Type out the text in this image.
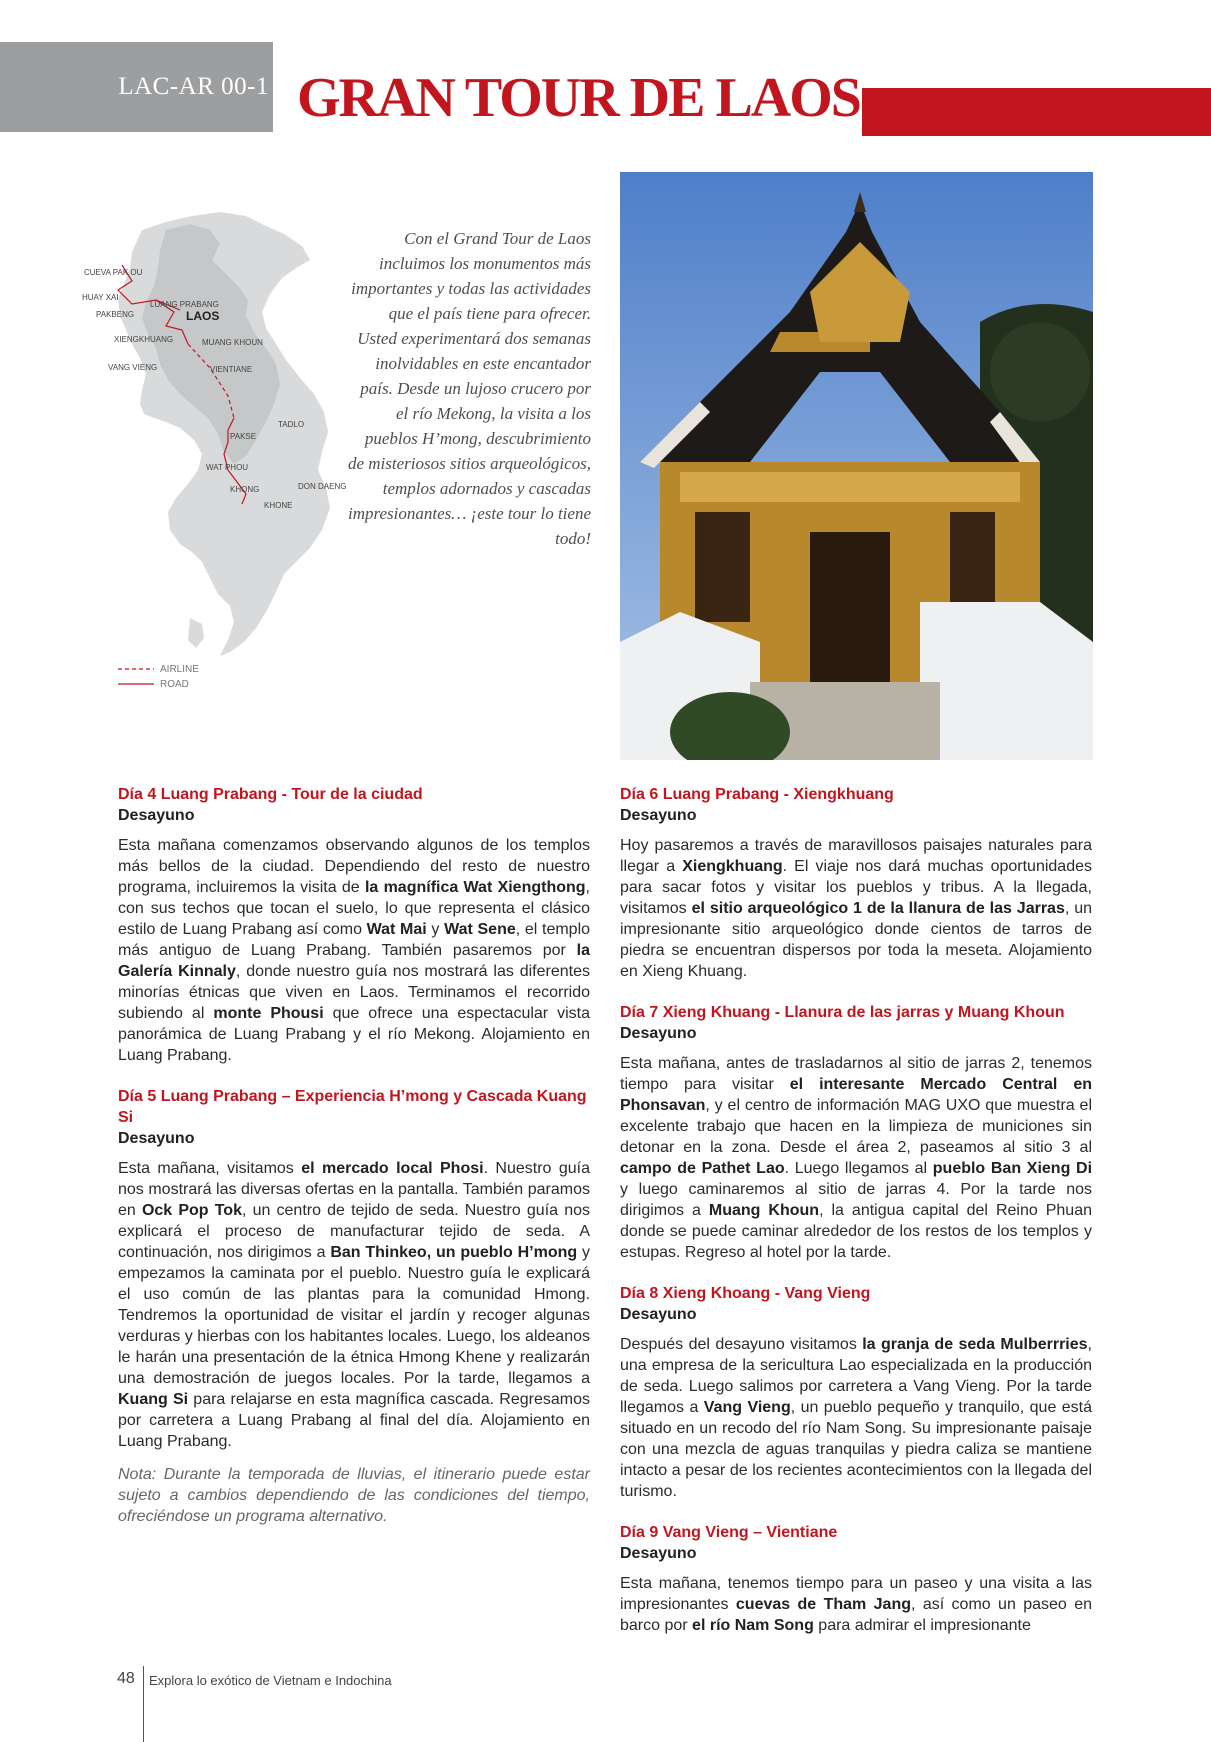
LAC-AR 00-1 GRAN TOUR DE LAOS
CUEVA PAK OU
HUAY XAI
PAKBENG
LUANG PRABANG
LAOS
XIENGKHUANG	MUANG KHOUN
VANG VIENG	VIENTIANE
TADLO
PAKSE
WAT PHOU
DON DAENG
KHONG
KHONE
AIRLINE
ROAD

Con el Grand Tour de Laos incluimos los monumentos más importantes y todas las actividades que el país tiene para ofrecer. Usted experimentará dos semanas inolvidables en este encantador país. Desde un lujoso crucero por el río Mekong, la visita a los pueblos H’mong, descubrimiento de misteriosos sitios arqueológicos, templos adornados y cascadas impresionantes… ¡este tour lo tiene todo!

Día 4 Luang Prabang - Tour de la ciudad

Desayuno

Esta mañana comenzamos observando algunos de los templos más bellos de la ciudad. Dependiendo del resto de nuestro programa, incluiremos la visita de la magnífica Wat Xiengthong, con sus techos que tocan el suelo, lo que representa el clásico estilo de Luang Prabang así como Wat Mai y Wat Sene, el templo más antiguo de Luang Prabang. También pasaremos por la Galería Kinnaly, donde nuestro guía nos mostrará las diferentes minorías étnicas que viven en Laos. Terminamos el recorrido subiendo al monte Phousi que ofrece una espectacular vista panorámica de Luang Prabang y el río Mekong. Alojamiento en Luang Prabang.

Día 5 Luang Prabang – Experiencia H’mong y Cascada Kuang Si

Desayuno

Esta mañana, visitamos el mercado local Phosi. Nuestro guía nos mostrará las diversas ofertas en la pantalla. También paramos en Ock Pop Tok, un centro de tejido de seda. Nuestro guía nos explicará el proceso de manufacturar tejido de seda. A continuación, nos dirigimos a Ban Thinkeo, un pueblo H’mong y empezamos la caminata por el pueblo. Nuestro guía le explicará el uso común de las plantas para la comunidad Hmong. Tendremos la oportunidad de visitar el jardín y recoger algunas verduras y hierbas con los habitantes locales. Luego, los aldeanos le harán una presentación de la étnica Hmong Khene y realizarán una demostración de juegos locales. Por la tarde, llegamos a Kuang Si para relajarse en esta magnífica cascada. Regresamos por carretera a Luang Prabang al final del día. Alojamiento en Luang Prabang.

Nota: Durante la temporada de lluvias, el itinerario puede estar sujeto a cambios dependiendo de las condiciones del tiempo, ofreciéndose un programa alternativo.

Día 6 Luang Prabang - Xiengkhuang

Desayuno

Hoy pasaremos a través de maravillosos paisajes naturales para llegar a Xiengkhuang. El viaje nos dará muchas oportunidades para sacar fotos y visitar los pueblos y tribus. A la llegada, visitamos el sitio arqueológico 1 de la llanura de las Jarras, un impresionante sitio arqueológico donde cientos de tarros de piedra se encuentran dispersos por toda la meseta. Alojamiento en Xieng Khuang.

Día 7 Xieng Khuang - Llanura de las jarras y Muang Khoun

Desayuno

Esta mañana, antes de trasladarnos al sitio de jarras 2, tenemos tiempo para visitar el interesante Mercado Central en Phonsavan, y el centro de información MAG UXO que muestra el excelente trabajo que hacen en la limpieza de municiones sin detonar en la zona. Desde el área 2, paseamos al sitio 3 al campo de Pathet Lao. Luego llegamos al pueblo Ban Xieng Di y luego caminaremos al sitio de jarras 4. Por la tarde nos dirigimos a Muang Khoun, la antigua capital del Reino Phuan donde se puede caminar alrededor de los restos de los templos y estupas. Regreso al hotel por la tarde.

Día 8 Xieng Khoang - Vang Vieng

Desayuno

Después del desayuno visitamos la granja de seda Mulberrries, una empresa de la sericultura Lao especializada en la producción de seda. Luego salimos por carretera a Vang Vieng. Por la tarde llegamos a Vang Vieng, un pueblo pequeño y tranquilo, que está situado en un recodo del río Nam Song. Su impresionante paisaje con una mezcla de aguas tranquilas y piedra caliza se mantiene intacto a pesar de los recientes acontecimientos con la llegada del turismo.

Día 9 Vang Vieng – Vientiane

Desayuno

Esta mañana, tenemos tiempo para un paseo y una visita a las impresionantes cuevas de Tham Jang, así como un paseo en barco por el río Nam Song para admirar el impresionante

48 Explora lo exótico de Vietnam e Indochina
